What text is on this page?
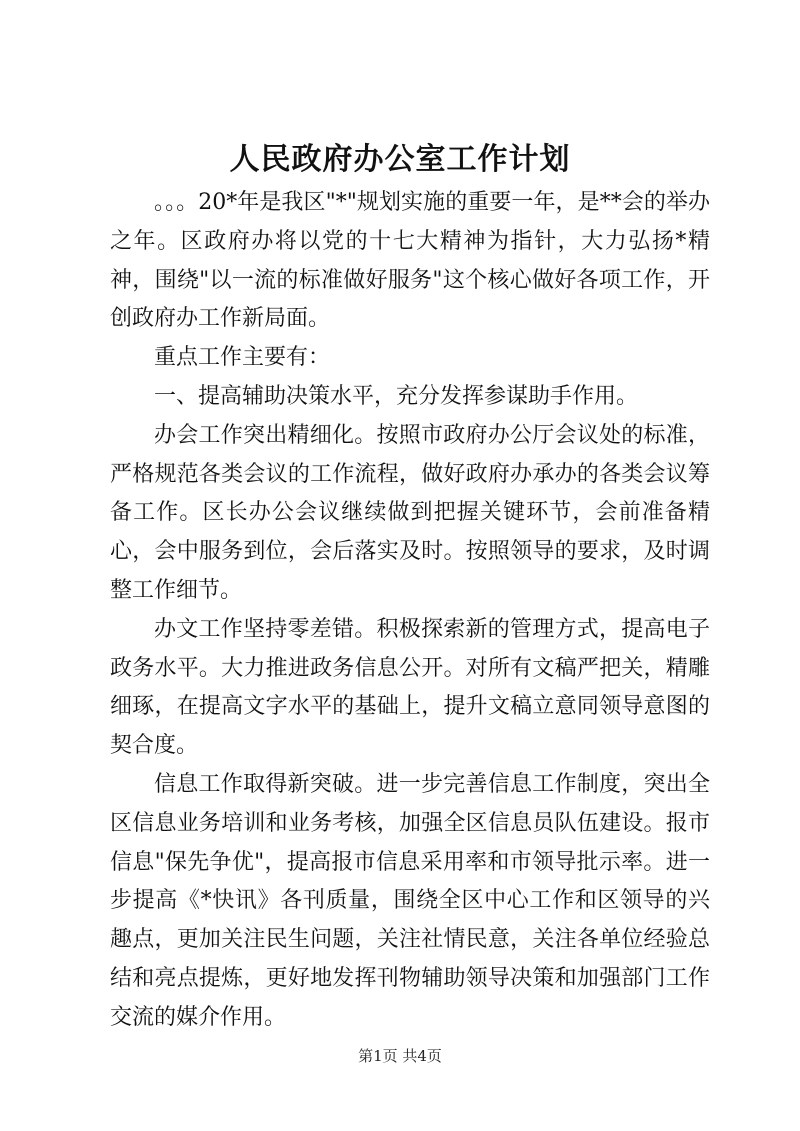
人民政府办公室工作计划

。。。20*年是我区"*"规划实施的重要一年，是**会的举办之年。区政府办将以党的十七大精神为指针，大力弘扬*精神，围绕"以一流的标准做好服务"这个核心做好各项工作，开创政府办工作新局面。

重点工作主要有：

一、提高辅助决策水平，充分发挥参谋助手作用。

办会工作突出精细化。按照市政府办公厅会议处的标准，严格规范各类会议的工作流程，做好政府办承办的各类会议筹备工作。区长办公会议继续做到把握关键环节，会前准备精心，会中服务到位，会后落实及时。按照领导的要求，及时调整工作细节。

办文工作坚持零差错。积极探索新的管理方式，提高电子政务水平。大力推进政务信息公开。对所有文稿严把关，精雕细琢，在提高文字水平的基础上，提升文稿立意同领导意图的契合度。

信息工作取得新突破。进一步完善信息工作制度，突出全区信息业务培训和业务考核，加强全区信息员队伍建设。报市信息"保先争优"，提高报市信息采用率和市领导批示率。进一步提高《*快讯》各刊质量，围绕全区中心工作和区领导的兴趣点，更加关注民生问题，关注社情民意，关注各单位经验总结和亮点提炼，更好地发挥刊物辅助领导决策和加强部门工作交流的媒介作用。

第1页 共4页
